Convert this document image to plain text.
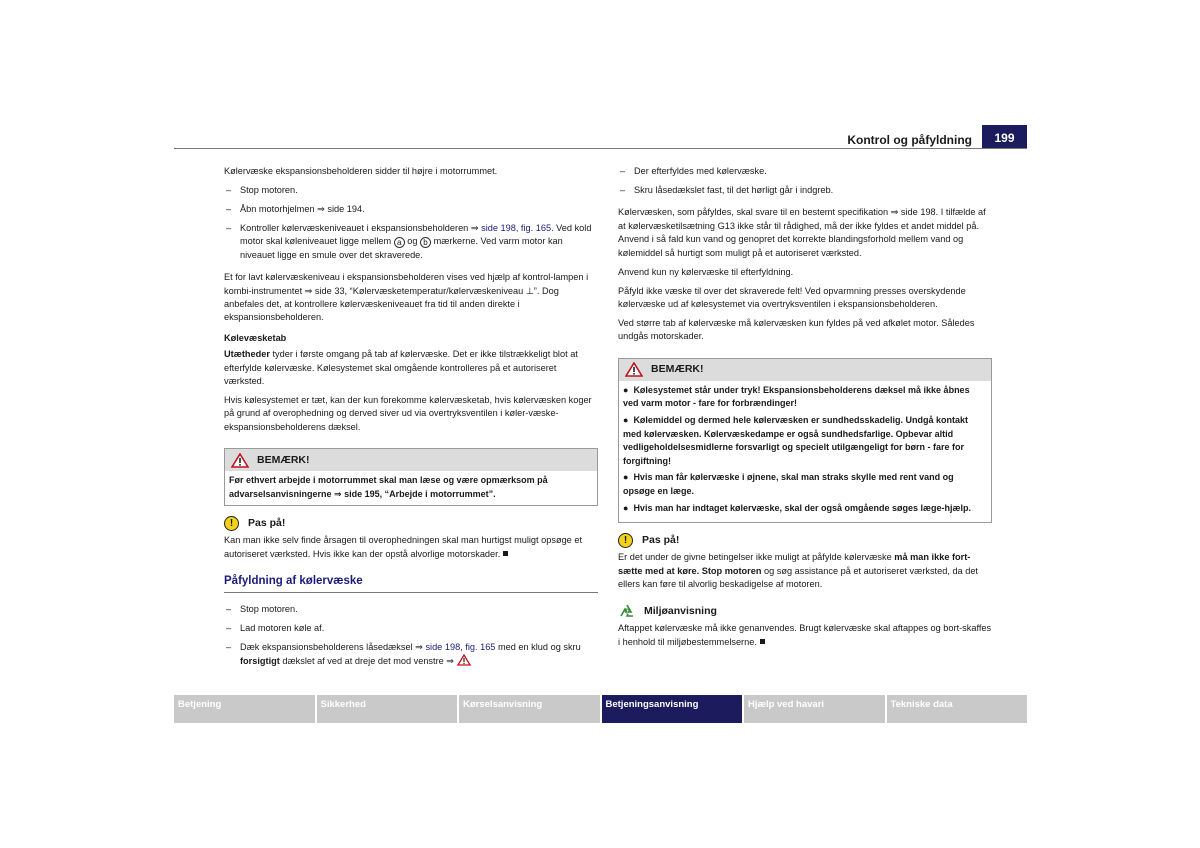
Kontrol og påfyldning	199

Kølervæske ekspansionsbeholderen sidder til højre i motorrummet.

– Stop motoren.
– Åbn motorhjelmen ⇒ side 194.
– Kontroller kølervæskeniveauet i ekspansionsbeholderen ⇒ side 198, fig. 165. Ved kold motor skal køleniveauet ligge mellem a og b mærkerne. Ved varm motor kan niveauet ligge en smule over det skraverede.

Et for lavt kølervæskeniveau i ekspansionsbeholderen vises ved hjælp af kontrol-lampen i kombi-instrumentet ⇒ side 33, “Kølervæsketemperatur/kølervæskeniveau ⊥”. Dog anbefales det, at kontrollere kølervæskeniveauet fra tid til anden direkte i ekspansionsbeholderen.

Kølevæsketab

Utætheder tyder i første omgang på tab af kølervæske. Det er ikke tilstrækkeligt blot at efterfylde kølervæske. Kølesystemet skal omgående kontrolleres på et autoriseret værksted.

Hvis kølesystemet er tæt, kan der kun forekomme kølervæsketab, hvis kølervæsken koger på grund af overophedning og derved siver ud via overtryksventilen i køler-væske-ekspansionsbeholderens dæksel.

BEMÆRK!
Før ethvert arbejde i motorrummet skal man læse og være opmærksom på advarselsanvisningerne ⇒ side 195, “Arbejde i motorrummet”.
!	Pas på!

Kan man ikke selv finde årsagen til overophedningen skal man hurtigst muligt opsøge et autoriseret værksted. Hvis ikke kan der opstå alvorlige motorskader.

Påfyldning af kølervæske
– Stop motoren.
– Lad motoren køle af.
– Dæk ekspansionsbeholderens låsedæksel ⇒ side 198, fig. 165 med en klud og skru forsigtigt dækslet af ved at dreje det mod venstre ⇒
– Der efterfyldes med kølervæske.
– Skru låsedækslet fast, til det hørligt går i indgreb.

Kølervæsken, som påfyldes, skal svare til en bestemt specifikation ⇒ side 198. I tilfælde af at kølervæsketilsætning G13 ikke står til rådighed, må der ikke fyldes et andet middel på. Anvend i så fald kun vand og genopret det korrekte blandingsforhold mellem vand og kølemiddel så hurtigt som muligt på et autoriseret værksted.

Anvend kun ny kølervæske til efterfyldning.

Påfyld ikke væske til over det skraverede felt! Ved opvarmning presses overskydende kølervæske ud af kølesystemet via overtryksventilen i ekspansionsbeholderen.

Ved større tab af kølervæske må kølervæsken kun fyldes på ved afkølet motor. Således undgås motorskader.

BEMÆRK!
●  Kølesystemet står under tryk! Ekspansionsbeholderens dæksel må ikke åbnes ved varm motor - fare for forbrændinger!
●  Kølemiddel og dermed hele kølervæsken er sundhedsskadelig. Undgå kontakt med kølervæsken. Kølervæskedampe er også sundhedsfarlige. Opbevar altid vedligeholdelsesmidlerne forsvarligt og specielt utilgængeligt for børn - fare for forgiftning!
●  Hvis man får kølervæske i øjnene, skal man straks skylle med rent vand og opsøge en læge.
●  Hvis man har indtaget kølervæske, skal der også omgående søges læge-hjælp.
!	Pas på!

Er det under de givne betingelser ikke muligt at påfylde kølervæske må man ikke fort-sætte med at køre. Stop motoren og søg assistance på et autoriseret værksted, da det ellers kan føre til alvorlig beskadigelse af motoren.

Miljøanvisning

Aftappet kølervæske må ikke genanvendes. Brugt kølervæske skal aftappes og bort-skaffes i henhold til miljøbestemmelserne.

Betjening	Sikkerhed	Kørselsanvisning	Betjeningsanvisning	Hjælp ved havari	Tekniske data
